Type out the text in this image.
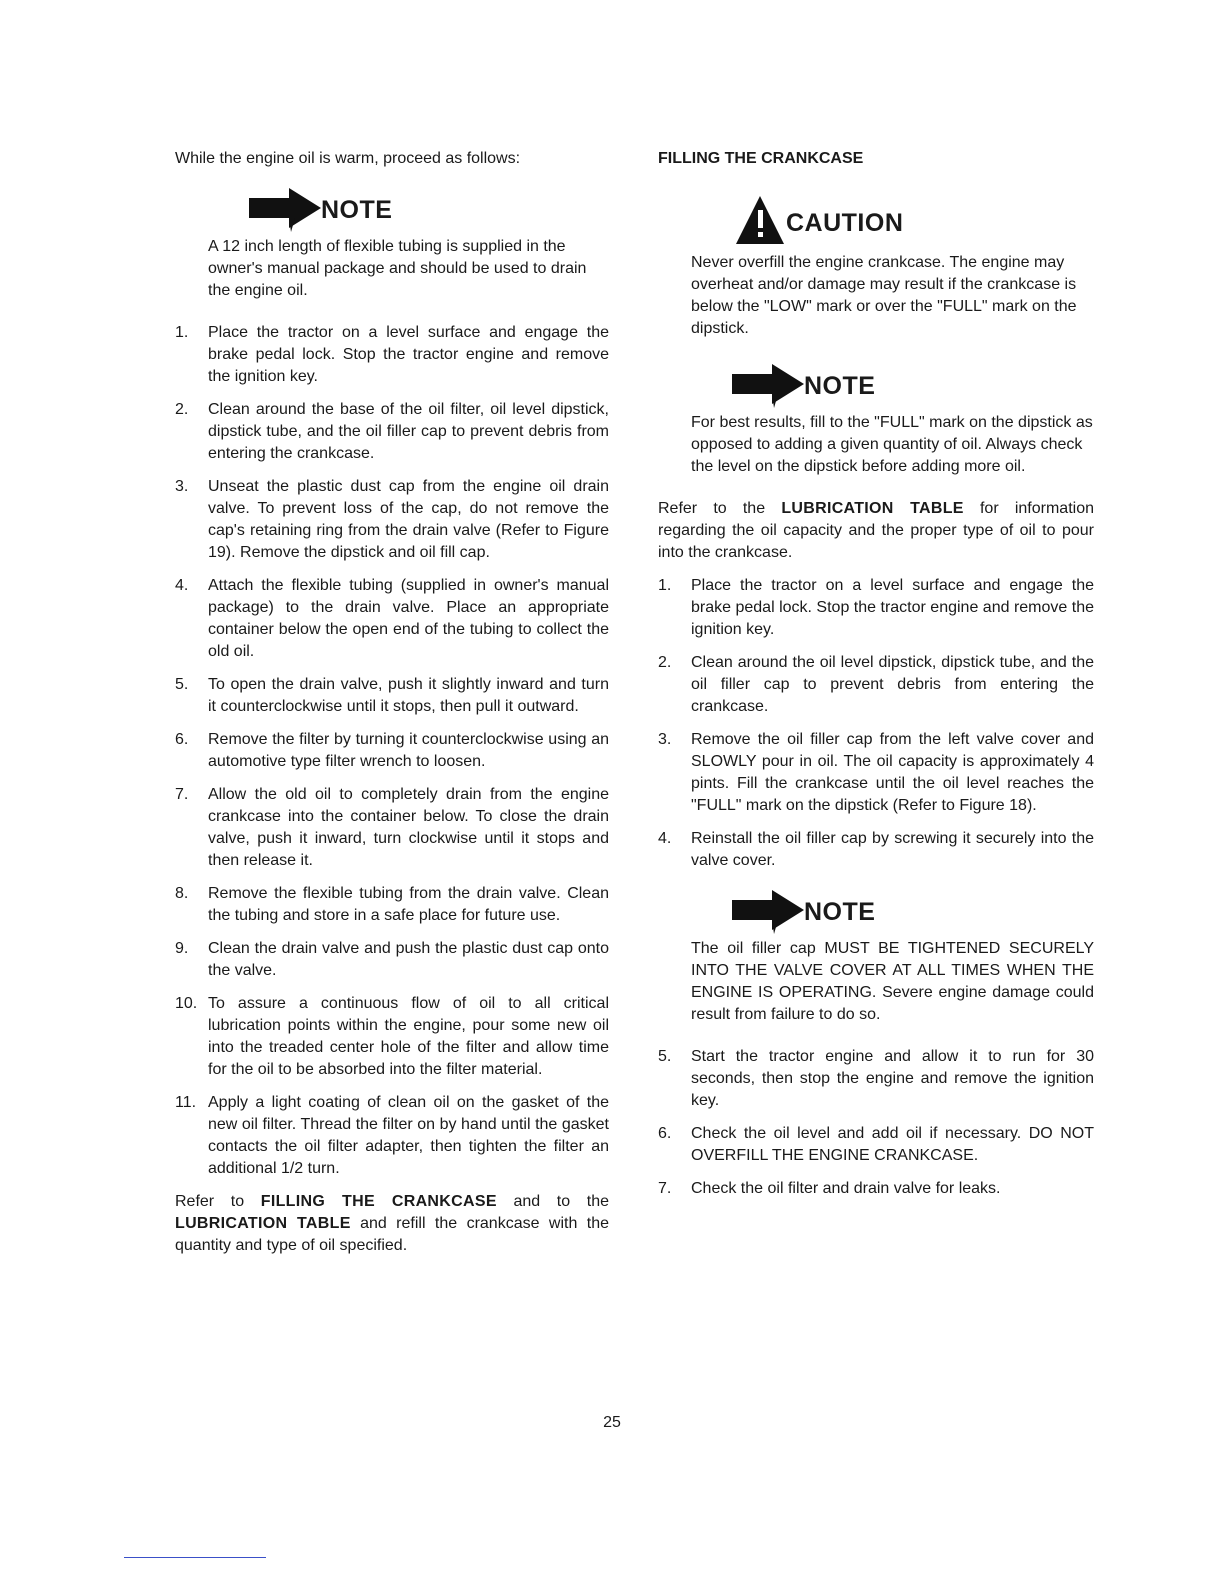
While the engine oil is warm, proceed as follows:

NOTE

A 12 inch length of flexible tubing is supplied in the owner's manual package and should be used to drain the engine oil.

1.	Place the tractor on a level surface and engage the brake pedal lock. Stop the tractor engine and remove the ignition key.
2.	Clean around the base of the oil filter, oil level dipstick, dipstick tube, and the oil filler cap to prevent debris from entering the crankcase.
3.	Unseat the plastic dust cap from the engine oil drain valve. To prevent loss of the cap, do not remove the cap's retaining ring from the drain valve (Refer to Figure 19). Remove the dipstick and oil fill cap.
4.	Attach the flexible tubing (supplied in owner's manual package) to the drain valve. Place an appropriate container below the open end of the tubing to collect the old oil.
5.	To open the drain valve, push it slightly inward and turn it counterclockwise until it stops, then pull it outward.
6.	Remove the filter by turning it counterclockwise using an automotive type filter wrench to loosen.
7.	Allow the old oil to completely drain from the engine crankcase into the container below. To close the drain valve, push it inward, turn clockwise until it stops and then release it.
8.	Remove the flexible tubing from the drain valve. Clean the tubing and store in a safe place for future use.
9.	Clean the drain valve and push the plastic dust cap onto the valve.
10. To assure a continuous flow of oil to all critical lubrication points within the engine, pour some new oil into the treaded center hole of the filter and allow time for the oil to be absorbed into the filter material.
11. Apply a light coating of clean oil on the gasket of the new oil filter. Thread the filter on by hand until the gasket contacts the oil filter adapter, then tighten the filter an additional 1/2 turn.

Refer to FILLING THE CRANKCASE and to the LUBRICATION TABLE and refill the crankcase with the quantity and type of oil specified.

FILLING THE CRANKCASE

CAUTION

Never overfill the engine crankcase. The engine may overheat and/or damage may result if the crankcase is below the "LOW" mark or over the "FULL" mark on the dipstick.

NOTE

For best results, fill to the "FULL" mark on the dipstick as opposed to adding a given quantity of oil. Always check the level on the dipstick before adding more oil.

Refer to the LUBRICATION TABLE for information regarding the oil capacity and the proper type of oil to pour into the crankcase.

1.	Place the tractor on a level surface and engage the brake pedal lock. Stop the tractor engine and remove the ignition key.
2.	Clean around the oil level dipstick, dipstick tube, and the oil filler cap to prevent debris from entering the crankcase.
3.	Remove the oil filler cap from the left valve cover and SLOWLY pour in oil. The oil capacity is approximately 4 pints. Fill the crankcase until the oil level reaches the "FULL" mark on the dipstick (Refer to Figure 18).
4.	Reinstall the oil filler cap by screwing it securely into the valve cover.
NOTE

The oil filler cap MUST BE TIGHTENED SECURELY INTO THE VALVE COVER AT ALL TIMES WHEN THE ENGINE IS OPERATING. Severe engine damage could result from failure to do so.

5.	Start the tractor engine and allow it to run for 30 seconds, then stop the engine and remove the ignition key.
6.	Check the oil level and add oil if necessary. DO NOT OVERFILL THE ENGINE CRANKCASE.
7.	Check the oil filter and drain valve for leaks.
25
